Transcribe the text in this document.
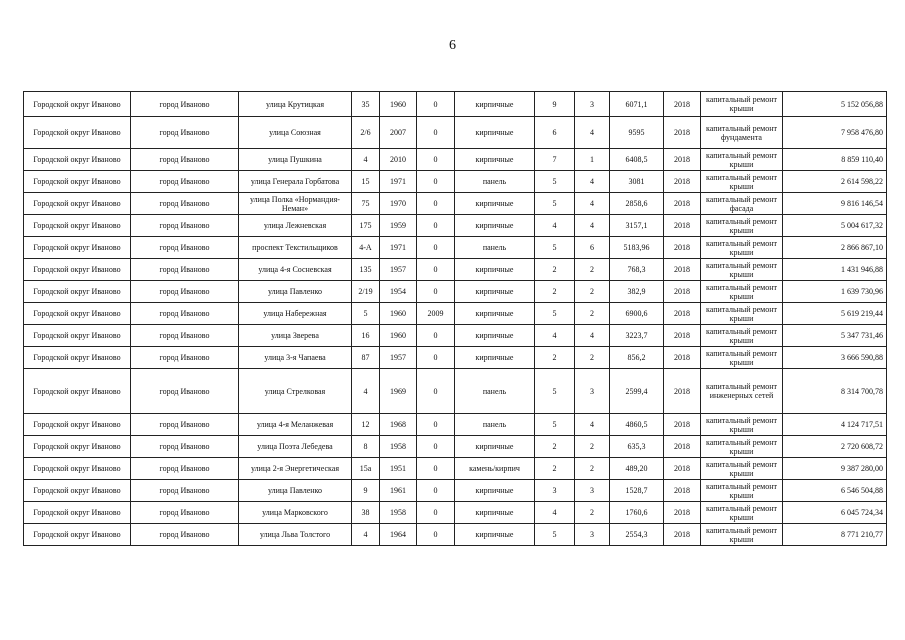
6
Городской округ Иваново	город Иваново	улица Крутицкая	35	1960	0	кирпичные	9	3	6071,1	2018	капитальный ремонт крыши	5 152 056,88
Городской округ Иваново	город Иваново	улица Союзная	2/6	2007	0	кирпичные	6	4	9595	2018	капитальный ремонт фундамента	7 958 476,80
Городской округ Иваново	город Иваново	улица Пушкина	4	2010	0	кирпичные	7	1	6408,5	2018	капитальный ремонт крыши	8 859 110,40
Городской округ Иваново	город Иваново	улица Генерала Горбатова	15	1971	0	панель	5	4	3081	2018	капитальный ремонт крыши	2 614 598,22
Городской округ Иваново	город Иваново	улица Полка «Нормандия-Неман»	75	1970	0	кирпичные	5	4	2858,6	2018	капитальный ремонт фасада	9 816 146,54
Городской округ Иваново	город Иваново	улица Лежневская	175	1959	0	кирпичные	4	4	3157,1	2018	капитальный ремонт крыши	5 004 617,32
Городской округ Иваново	город Иваново	проспект Текстильщиков	4-А	1971	0	панель	5	6	5183,96	2018	капитальный ремонт крыши	2 866 867,10
Городской округ Иваново	город Иваново	улица 4-я Сосневская	135	1957	0	кирпичные	2	2	768,3	2018	капитальный ремонт крыши	1 431 946,88
Городской округ Иваново	город Иваново	улица Павленко	2/19	1954	0	кирпичные	2	2	382,9	2018	капитальный ремонт крыши	1 639 730,96
Городской округ Иваново	город Иваново	улица Набережная	5	1960	2009	кирпичные	5	2	6900,6	2018	капитальный ремонт крыши	5 619 219,44
Городской округ Иваново	город Иваново	улица Зверева	16	1960	0	кирпичные	4	4	3223,7	2018	капитальный ремонт крыши	5 347 731,46
Городской округ Иваново	город Иваново	улица 3-я Чапаева	87	1957	0	кирпичные	2	2	856,2	2018	капитальный ремонт крыши	3 666 590,88
Городской округ Иваново	город Иваново	улица Стрелковая	4	1969	0	панель	5	3	2599,4	2018	капитальный ремонт инженерных сетей	8 314 700,78
Городской округ Иваново	город Иваново	улица 4-я Меланжевая	12	1968	0	панель	5	4	4860,5	2018	капитальный ремонт крыши	4 124 717,51
Городской округ Иваново	город Иваново	улица Поэта Лебедева	8	1958	0	кирпичные	2	2	635,3	2018	капитальный ремонт крыши	2 720 608,72
Городской округ Иваново	город Иваново	улица 2-я Энергетическая	15а	1951	0	камень/кирпич	2	2	489,20	2018	капитальный ремонт крыши	9 387 280,00
Городской округ Иваново	город Иваново	улица Павленко	9	1961	0	кирпичные	3	3	1528,7	2018	капитальный ремонт крыши	6 546 504,88
Городской округ Иваново	город Иваново	улица Марковского	38	1958	0	кирпичные	4	2	1760,6	2018	капитальный ремонт крыши	6 045 724,34
Городской округ Иваново	город Иваново	улица Льва Толстого	4	1964	0	кирпичные	5	3	2554,3	2018	капитальный ремонт крыши	8 771 210,77
